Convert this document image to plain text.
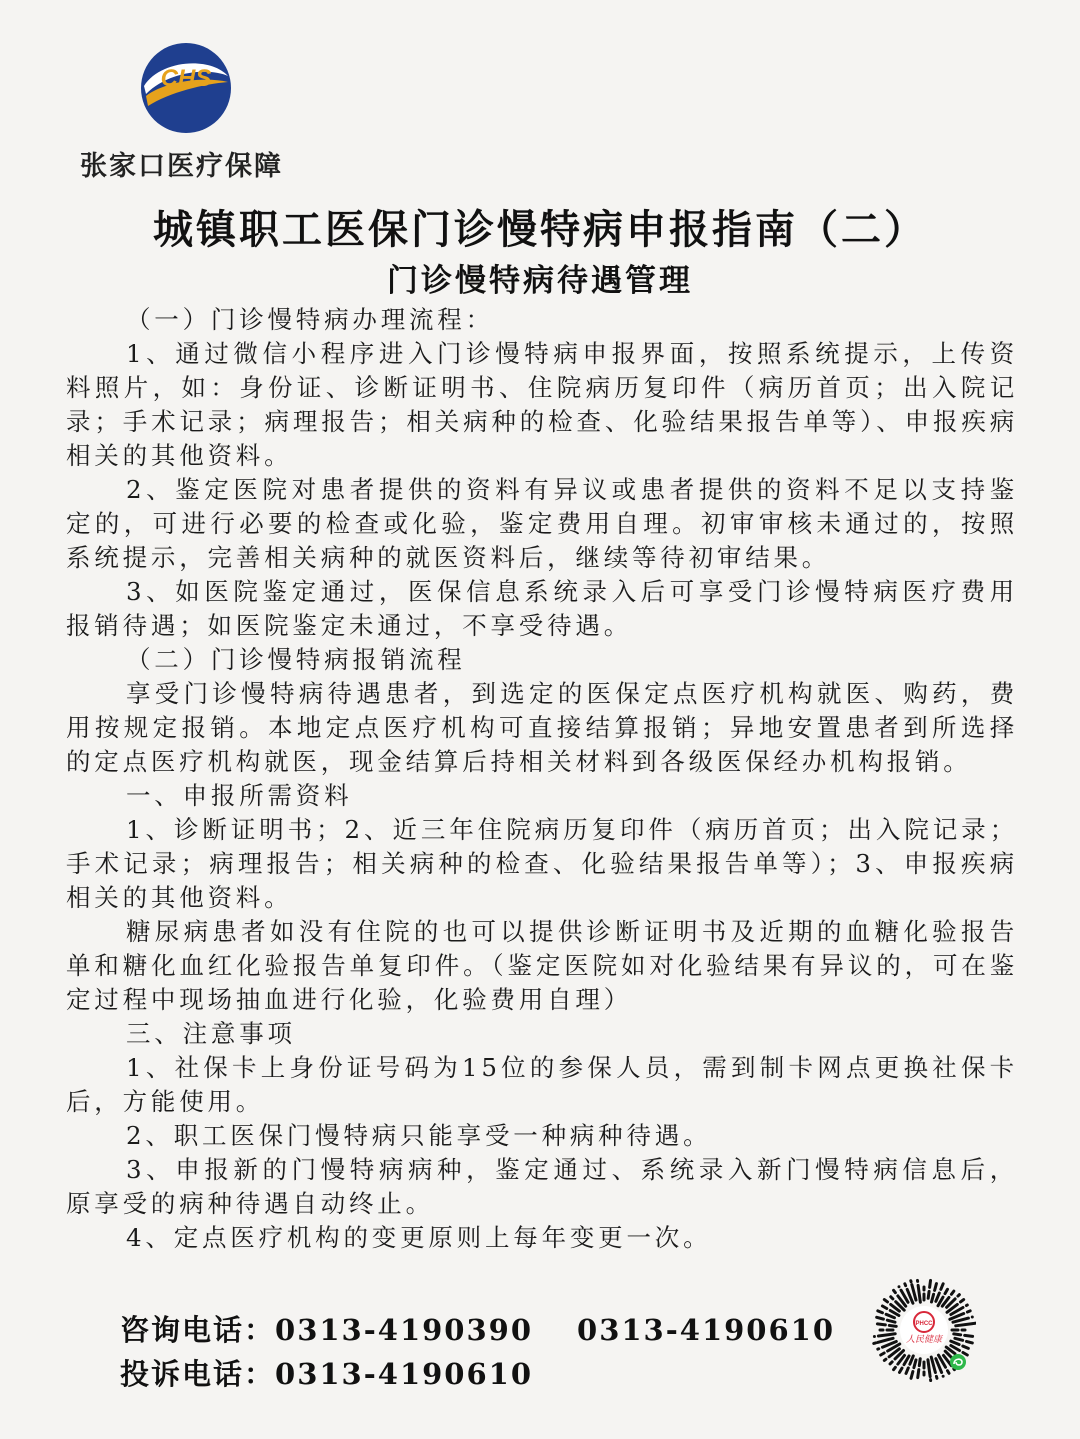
CHS
张家口医疗保障
城镇职工医保门诊慢特病申报指南（二）
门诊慢特病待遇管理

（一）门诊慢特病办理流程：

1、通过微信小程序进入门诊慢特病申报界面，按照系统提示，上传资料照片，如：身份证、诊断证明书、住院病历复印件（病历首页；出入院记录；手术记录；病理报告；相关病种的检查、化验结果报告单等）、申报疾病相关的其他资料。

2、鉴定医院对患者提供的资料有异议或患者提供的资料不足以支持鉴定的，可进行必要的检查或化验，鉴定费用自理。初审审核未通过的，按照系统提示，完善相关病种的就医资料后，继续等待初审结果。

3、如医院鉴定通过，医保信息系统录入后可享受门诊慢特病医疗费用报销待遇；如医院鉴定未通过，不享受待遇。

（二）门诊慢特病报销流程

享受门诊慢特病待遇患者，到选定的医保定点医疗机构就医、购药，费用按规定报销。本地定点医疗机构可直接结算报销；异地安置患者到所选择的定点医疗机构就医，现金结算后持相关材料到各级医保经办机构报销。

一、申报所需资料

1、诊断证明书；2、近三年住院病历复印件（病历首页；出入院记录；手术记录；病理报告；相关病种的检查、化验结果报告单等）；3、申报疾病相关的其他资料。

糖尿病患者如没有住院的也可以提供诊断证明书及近期的血糖化验报告单和糖化血红化验报告单复印件。（鉴定医院如对化验结果有异议的，可在鉴定过程中现场抽血进行化验，化验费用自理）

三、注意事项

1、社保卡上身份证号码为15位的参保人员，需到制卡网点更换社保卡后，方能使用。

2、职工医保门慢特病只能享受一种病种待遇。

3、申报新的门慢特病病种，鉴定通过、系统录入新门慢特病信息后，原享受的病种待遇自动终止。

4、定点医疗机构的变更原则上每年变更一次。

咨询电话：0313-4190390 0313-4190610
投诉电话：0313-4190610
PHCC
人民健康
